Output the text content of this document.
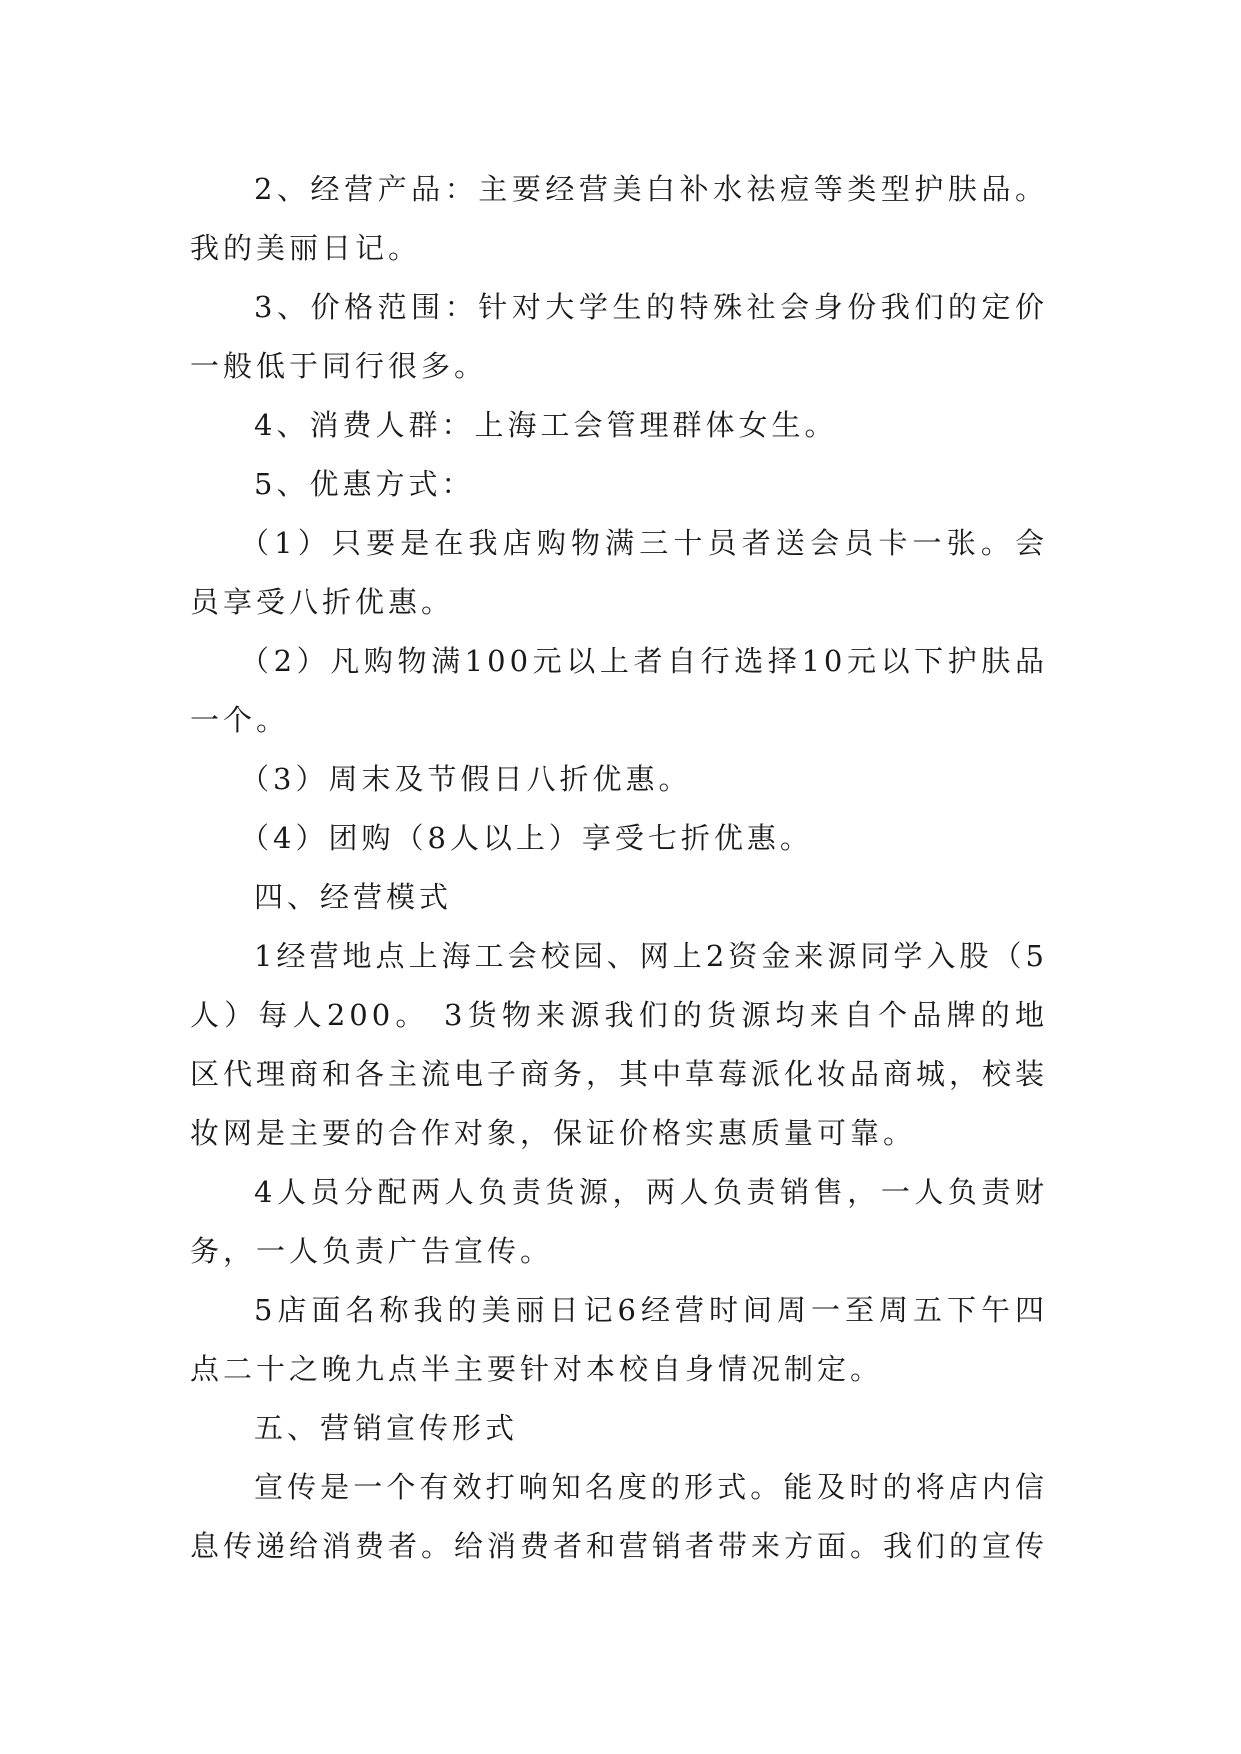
2、经营产品：主要经营美白补水祛痘等类型护肤品。我的美丽日记。

3、价格范围：针对大学生的特殊社会身份我们的定价一般低于同行很多。

4、消费人群：上海工会管理群体女生。

5、优惠方式：

（1）只要是在我店购物满三十员者送会员卡一张。会员享受八折优惠。

（2）凡购物满100元以上者自行选择10元以下护肤品一个。

（3）周末及节假日八折优惠。

（4）团购（8人以上）享受七折优惠。

四、经营模式

1经营地点上海工会校园、网上2资金来源同学入股（5人）每人200。 3货物来源我们的货源均来自个品牌的地区代理商和各主流电子商务，其中草莓派化妆品商城，校装妆网是主要的合作对象，保证价格实惠质量可靠。

4人员分配两人负责货源，两人负责销售，一人负责财务，一人负责广告宣传。

5店面名称我的美丽日记6经营时间周一至周五下午四点二十之晚九点半主要针对本校自身情况制定。

五、营销宣传形式

宣传是一个有效打响知名度的形式。能及时的将店内信息传递给消费者。给消费者和营销者带来方面。我们的宣传
